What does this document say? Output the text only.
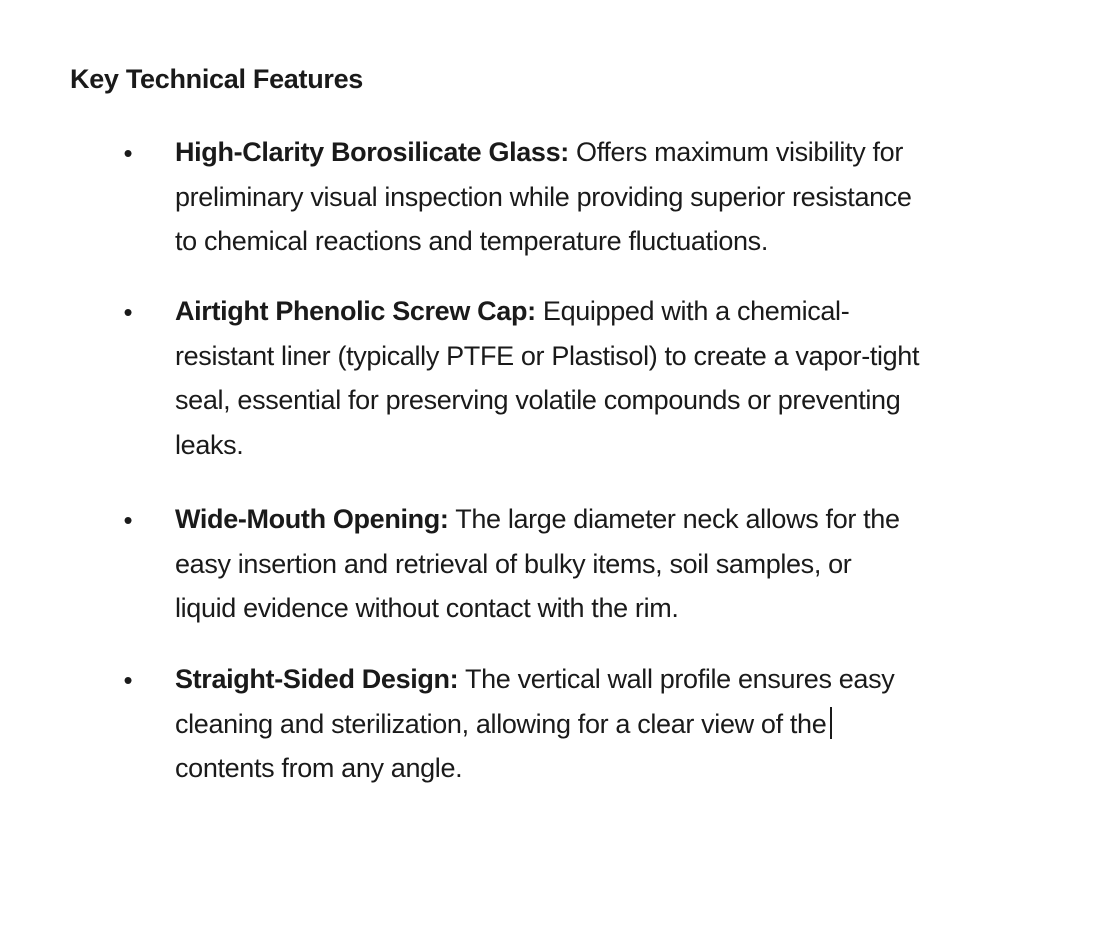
Key Technical Features
• High-Clarity Borosilicate Glass: Offers maximum visibility for
preliminary visual inspection while providing superior resistance
to chemical reactions and temperature fluctuations.
• Airtight Phenolic Screw Cap: Equipped with a chemical-
resistant liner (typically PTFE or Plastisol) to create a vapor-tight
seal, essential for preserving volatile compounds or preventing
leaks.
• Wide-Mouth Opening: The large diameter neck allows for the
easy insertion and retrieval of bulky items, soil samples, or
liquid evidence without contact with the rim.
• Straight-Sided Design: The vertical wall profile ensures easy
cleaning and sterilization, allowing for a clear view of the
contents from any angle.
